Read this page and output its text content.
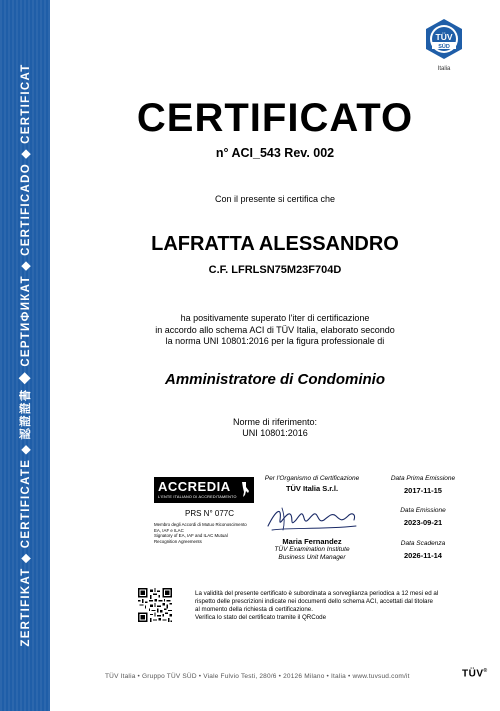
ZERTIFIKAT ◆ CERTIFICATE ◆ 認證證書 ◆ СЕРТИФИКАТ ◆ CERTIFICADO ◆ CERTIFICAT
TÜV
SÜD
Italia
CERTIFICATO
n° ACI_543 Rev. 002
Con il presente si certifica che
LAFRATTA ALESSANDRO
C.F. LFRLSN75M23F704D
ha positivamente superato l'iter di certificazione
in accordo allo schema ACI di TÜV Italia, elaborato secondo
la norma UNI 10801:2016 per la figura professionale di
Amministratore di Condominio
Norme di riferimento:
UNI 10801:2016
ACCREDIA
L'ENTE ITALIANO DI ACCREDITAMENTO
PRS N° 077C
Membro degli Accordi di Mutuo Riconoscimento
EA, IAF e ILAC
Signatory of EA, IAF and ILAC Mutual
Recognition Agreements
Per l'Organismo di Certificazione
TÜV Italia S.r.l.
Maria Fernandez
TÜV Examination Institute
Business Unit Manager
Data Prima Emissione
2017-11-15
Data Emissione
2023-09-21
Data Scadenza
2026-11-14
La validità del presente certificato è subordinata a sorveglianza periodica a 12 mesi ed al
rispetto delle prescrizioni indicate nei documenti dello schema ACI, accettati dal titolare
al momento della richiesta di certificazione.
Verifica lo stato del certificato tramite il QRCode
TÜV Italia • Gruppo TÜV SÜD • Viale Fulvio Testi, 280/6 • 20126 Milano • Italia • www.tuvsud.com/it	TÜV®
